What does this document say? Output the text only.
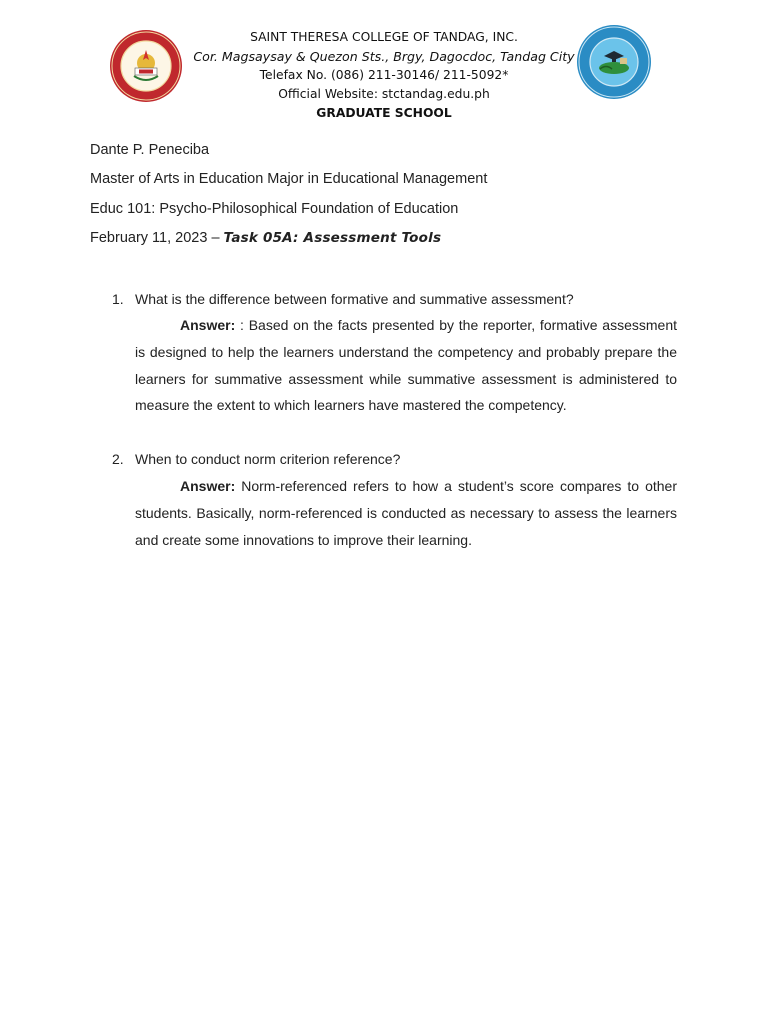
SAINT THERESA COLLEGE OF TANDAG, INC.
Cor. Magsaysay & Quezon Sts., Brgy, Dagocdoc, Tandag City
Telefax No. (086) 211-30146/ 211-5092*
Official Website: stctandag.edu.ph
GRADUATE SCHOOL
Dante P. Peneciba
Master of Arts in Education Major in Educational Management
Educ 101: Psycho-Philosophical Foundation of Education
February 11, 2023 – Task 05A: Assessment Tools
1. What is the difference between formative and summative assessment?
Answer: : Based on the facts presented by the reporter, formative assessment is designed to help the learners understand the competency and probably prepare the learners for summative assessment while summative assessment is administered to measure the extent to which learners have mastered the competency.
2. When to conduct norm criterion reference?
Answer: Norm-referenced refers to how a student’s score compares to other students. Basically, norm-referenced is conducted as necessary to assess the learners and create some innovations to improve their learning.
